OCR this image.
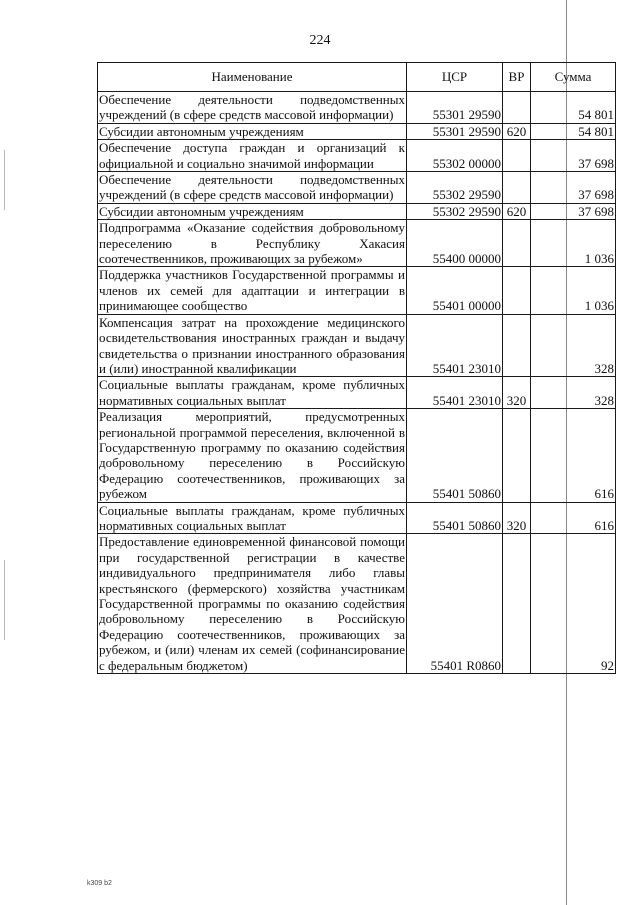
224
Наименование	ЦСР	ВР	Сумма
Обеспечение деятельности подведомственных учреждений (в сфере средств массовой информации)	55301 29590		54 801
Субсидии автономным учреждениям	55301 29590	620	54 801
Обеспечение доступа граждан и организаций к официальной и социально значимой информации	55302 00000		37 698
Обеспечение деятельности подведомственных учреждений (в сфере средств массовой информации)	55302 29590		37 698
Субсидии автономным учреждениям	55302 29590	620	37 698
Подпрограмма «Оказание содействия добровольному переселению в Республику Хакасия соотечественников, проживающих за рубежом»	55400 00000		1 036
Поддержка участников Государственной программы и членов их семей для адаптации и интеграции в принимающее сообщество	55401 00000		1 036
Компенсация затрат на прохождение медицинского освидетельствования иностранных граждан и выдачу свидетельства о признании иностранного образования и (или) иностранной квалификации	55401 23010		328
Социальные выплаты гражданам, кроме публичных нормативных социальных выплат	55401 23010	320	328
Реализация мероприятий, предусмотренных региональной программой переселения, включенной в Государственную программу по оказанию содействия добровольному переселению в Российскую Федерацию соотечественников, проживающих за рубежом	55401 50860		616
Социальные выплаты гражданам, кроме публичных нормативных социальных выплат	55401 50860	320	616
Предоставление единовременной финансовой помощи при государственной регистрации в качестве индивидуального предпринимателя либо главы крестьянского (фермерского) хозяйства участникам Государственной программы по оказанию содействия добровольному переселению в Российскую Федерацию соотечественников, проживающих за рубежом, и (или) членам их семей (софинансирование с федеральным бюджетом)	55401 R0860		92
k309 b2
